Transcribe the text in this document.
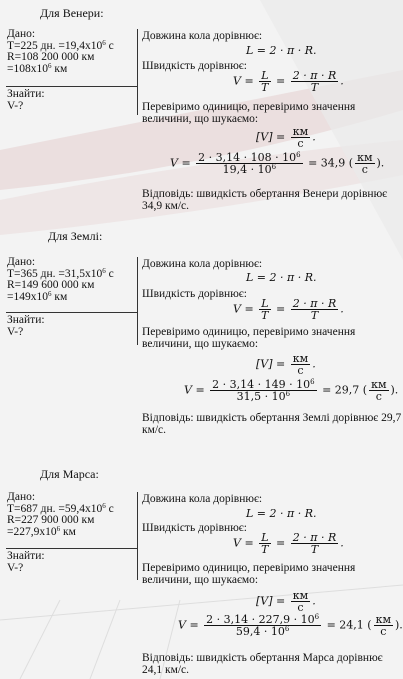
Для Венери:
Дано:
T=225 дн. $=19,4x10^6$ с
R=108 200 000 км
$=108x10^6$ км
Знайти:
V-?
Довжина кола дорівнює:
L = 2 · π · R.
Швидкість дорівнює:
$V = \frac{L}{T} = \frac{2 \cdot \pi \cdot R}{T}$ .
Перевіримо одиницю, перевіримо значення величини, що шукаємо:
$[V] = \frac{км}{с}$ .
$V = \frac{2 \cdot 3,14 \cdot 108 \cdot 10^6}{19,4 \cdot 10^6} = 34,9$ ( $\frac{км}{с}$ ).
Відповідь: швидкість обертання Венери дорівнює 34,9 км/с.
Для Землі:
Дано:
T=365 дн. $=31,5x10^6$ с
R=149 600 000 км
$=149x10^6$ км
Знайти:
V-?
Довжина кола дорівнює:
L = 2 · π · R.
Швидкість дорівнює:
$V = \frac{L}{T} = \frac{2 \cdot \pi \cdot R}{T}$ .
Перевіримо одиницю, перевіримо значення величини, що шукаємо:
$[V] = \frac{км}{с}$ .
$V = \frac{2 \cdot 3,14 \cdot 149 \cdot 10^6}{31,5 \cdot 10^6} = 29,7$ ( $\frac{км}{с}$ ).
Відповідь: швидкість обертання Землі дорівнює 29,7 км/с.
Для Марса:
Дано:
T=687 дн. $=59,4x10^6$ с
R=227 900 000 км
$=227,9x10^6$ км
Знайти:
V-?
Довжина кола дорівнює:
L = 2 · π · R.
Швидкість дорівнює:
$V = \frac{L}{T} = \frac{2 \cdot \pi \cdot R}{T}$ .
Перевіримо одиницю, перевіримо значення величини, що шукаємо:
$[V] = \frac{км}{с}$ .
$V = \frac{2 \cdot 3,14 \cdot 227,9 \cdot 10^6}{59,4 \cdot 10^6} = 24,1$ ( $\frac{км}{с}$ ).
Відповідь: швидкість обертання Марса дорівнює 24,1 км/с.
